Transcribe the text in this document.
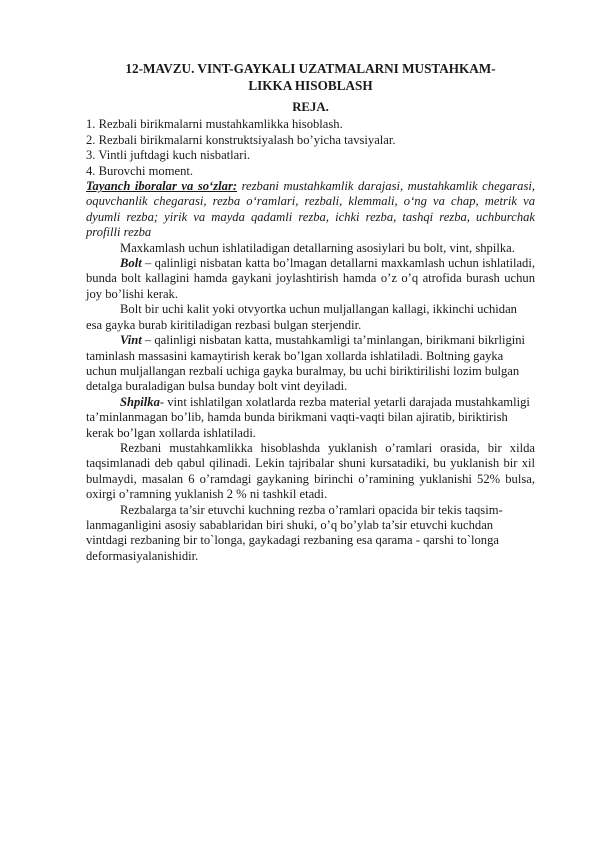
12-MAVZU. VINT-GAYKALI UZATMALARNI MUSTAHKAM-
LIKKA HISOBLASH
REJA.

1. Rezbali birikmalarni mustahkamlikka hisoblash.

2. Rezbali birikmalarni konstruktsiyalash bo’yicha tavsiyalar.

3. Vintli juftdagi kuch nisbatlari.

4. Burovchi moment.

Tayanch iboralar va so‘zlar: rezbani mustahkamlik darajasi, mustahkamlik chegarasi, oquvchanlik chegarasi, rezba o‘ramlari, rezbali, klemmali, o‘ng va chap, metrik va dyumli rezba; yirik va mayda qadamli rezba, ichki rezba, tashqi rezba, uchburchak profilli rezba

Maxkamlash uchun ishlatiladigan detallarning asosiylari bu bolt, vint, shpilka.

Bolt – qalinligi nisbatan katta bo’lmagan detallarni maxkamlash uchun ishlatiladi, bunda bolt kallagini hamda gaykani joylashtirish hamda o’z o’q atrofida burash uchun joy bo’lishi kerak.

Bolt bir uchi kalit yoki otvyortka uchun muljallangan kallagi, ikkinchi uchidan esa gayka burab kiritiladigan rezbasi bulgan sterjendir.

Vint – qalinligi nisbatan katta, mustahkamligi ta’minlangan, birikmani bikrligini taminlash massasini kamaytirish kerak bo’lgan xollarda ishlatiladi. Boltning gayka uchun muljallangan rezbali uchiga gayka buralmay, bu uchi biriktirilishi lozim bulgan detalga buraladigan bulsa bunday bolt vint deyiladi.

Shpilka- vint ishlatilgan xolatlarda rezba material yetarli darajada mustahkamligi ta’minlanmagan bo’lib, hamda bunda birikmani vaqti-vaqti bilan ajiratib, biriktirish kerak bo’lgan xollarda ishlatiladi.

Rezbani mustahkamlikka hisoblashda yuklanish o’ramlari orasida, bir xilda taqsimlanadi deb qabul qilinadi. Lekin tajribalar shuni kursatadiki, bu yuklanish bir xil bulmaydi, masalan 6 o’ramdagi gaykaning birinchi o’ramining yuklanishi 52% bulsa, oxirgi o’ramning yuklanish 2 % ni tashkil etadi.

Rezbalarga ta’sir etuvchi kuchning rezba o’ramlari opacida bir tekis taqsim-lanmaganligini asosiy sabablaridan biri shuki, o’q bo’ylab ta’sir etuvchi kuchdan vintdagi rezbaning bir to`longa, gaykadagi rezbaning esa qarama - qarshi to`longa deformasiyalanishidir.
